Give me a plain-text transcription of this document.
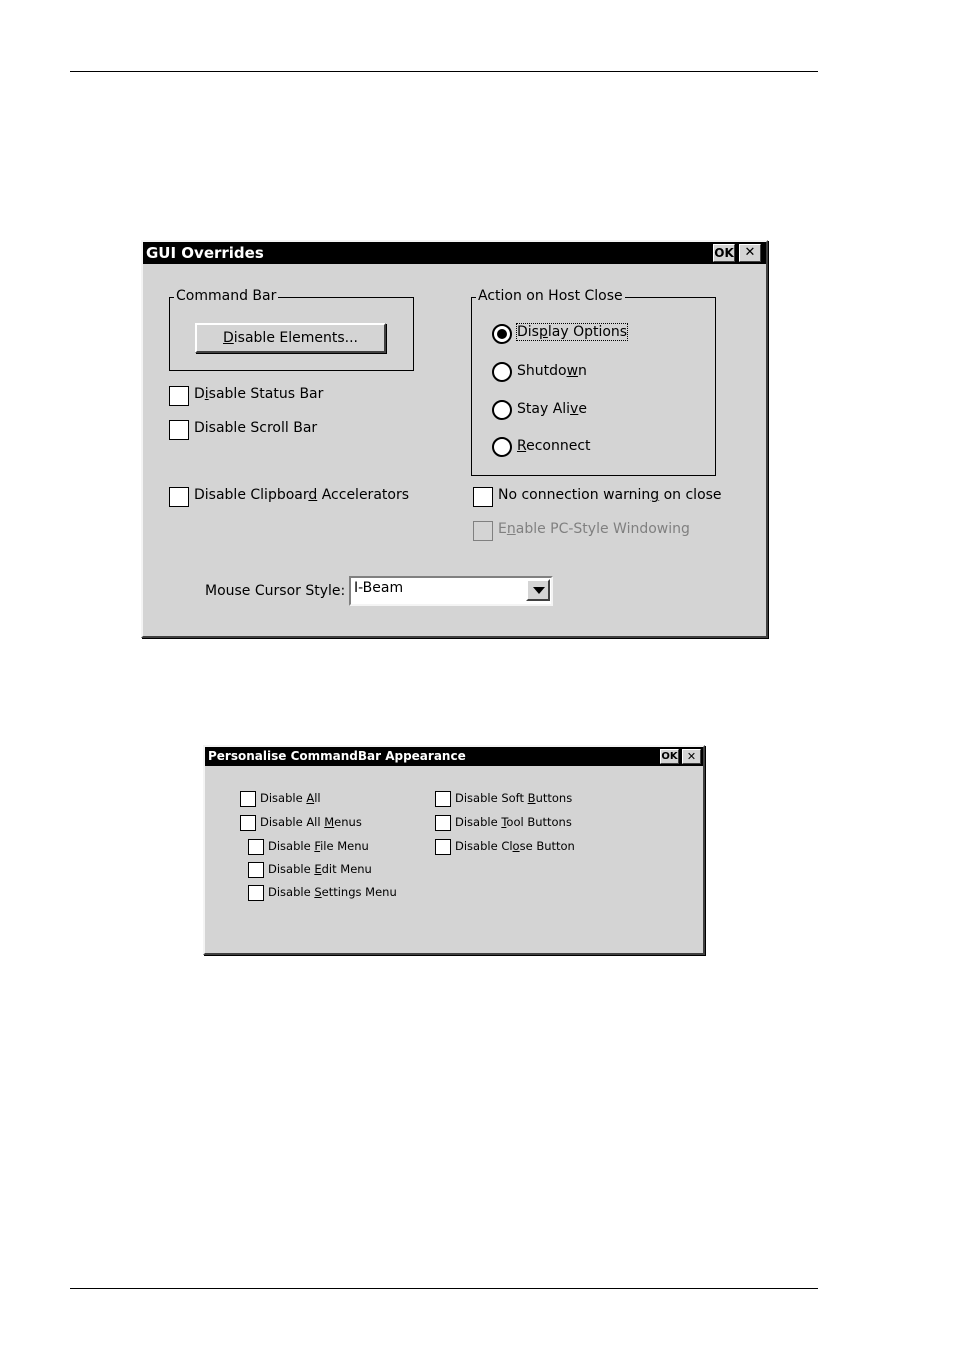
GUI Overrides	OK ✕
Command Bar
Disable Elements...
Disable Status Bar
Disable Scroll Bar
Disable Clipboard Accelerators
Action on Host Close
Display Options
Shutdown
Stay Alive
Reconnect
No connection warning on close
Enable PC-Style Windowing
Mouse Cursor Style: I-Beam
Personalise CommandBar Appearance	OK ✕
Disable All
Disable All Menus
Disable File Menu
Disable Edit Menu
Disable Settings Menu
Disable Soft Buttons
Disable Tool Buttons
Disable Close Button
